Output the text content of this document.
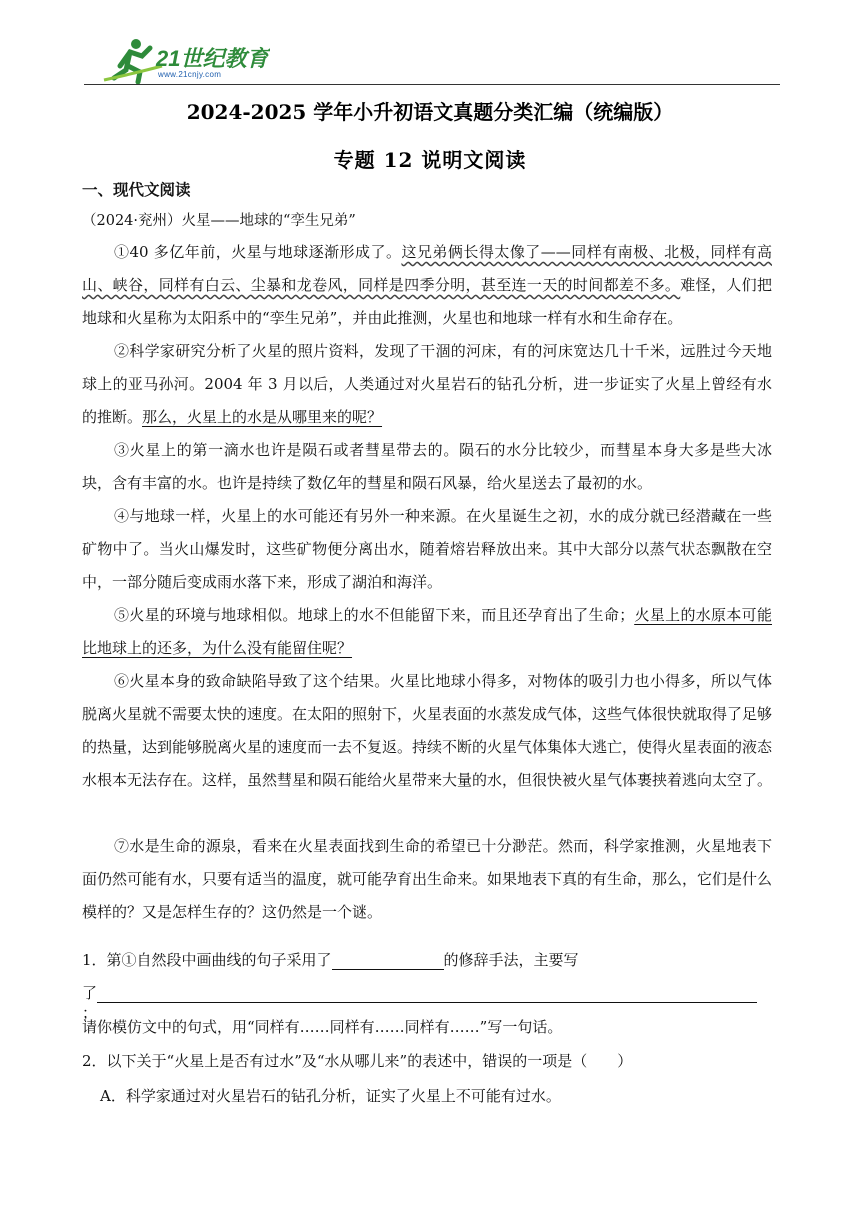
21世纪教育
www.21cnjy.com
2024-2025 学年小升初语文真题分类汇编（统编版）
专题 12 说明文阅读
一、现代文阅读
（2024·兖州）火星——地球的“孪生兄弟”

①40 多亿年前，火星与地球逐渐形成了。这兄弟俩长得太像了——同样有南极、北极，同样有高山、峡谷，同样有白云、尘暴和龙卷风，同样是四季分明，甚至连一天的时间都差不多。难怪，人们把地球和火星称为太阳系中的“孪生兄弟”，并由此推测，火星也和地球一样有水和生命存在。

②科学家研究分析了火星的照片资料，发现了干涸的河床，有的河床宽达几十千米，远胜过今天地球上的亚马孙河。2004 年 3 月以后，人类通过对火星岩石的钻孔分析，进一步证实了火星上曾经有水的推断。那么，火星上的水是从哪里来的呢？

③火星上的第一滴水也许是陨石或者彗星带去的。陨石的水分比较少，而彗星本身大多是些大冰块，含有丰富的水。也许是持续了数亿年的彗星和陨石风暴，给火星送去了最初的水。

④与地球一样，火星上的水可能还有另外一种来源。在火星诞生之初，水的成分就已经潜藏在一些矿物中了。当火山爆发时，这些矿物便分离出水，随着熔岩释放出来。其中大部分以蒸气状态飘散在空中，一部分随后变成雨水落下来，形成了湖泊和海洋。

⑤火星的环境与地球相似。地球上的水不但能留下来，而且还孕育出了生命；火星上的水原本可能比地球上的还多，为什么没有能留住呢？

⑥火星本身的致命缺陷导致了这个结果。火星比地球小得多，对物体的吸引力也小得多，所以气体脱离火星就不需要太快的速度。在太阳的照射下，火星表面的水蒸发成气体，这些气体很快就取得了足够的热量，达到能够脱离火星的速度而一去不复返。持续不断的火星气体集体大逃亡，使得火星表面的液态水根本无法存在。这样，虽然彗星和陨石能给火星带来大量的水，但很快被火星气体裹挟着逃向太空了。

⑦水是生命的源泉，看来在火星表面找到生命的希望已十分渺茫。然而，科学家推测，火星地表下面仍然可能有水，只要有适当的温度，就可能孕育出生命来。如果地表下真的有生命，那么，它们是什么模样的？又是怎样生存的？这仍然是一个谜。

1．第①自然段中画曲线的句子采用了	的修辞手法，主要写
了；
请你模仿文中的句式，用“同样有……同样有……同样有……”写一句话。
2．以下关于“火星上是否有过水”及“水从哪儿来”的表述中，错误的一项是（　　）
A．科学家通过对火星岩石的钻孔分析，证实了火星上不可能有过水。
